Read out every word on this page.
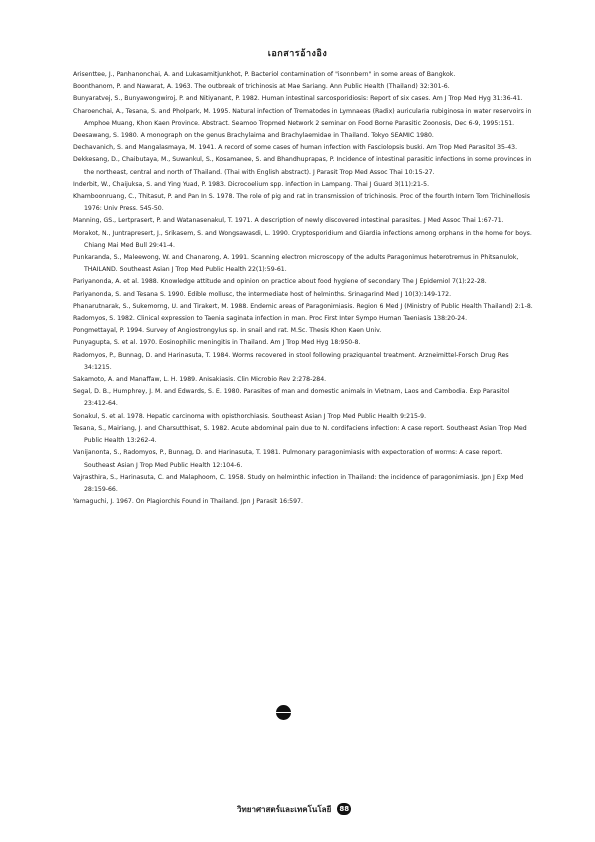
เอกสารอ้างอิง

Arisenttee, J., Panhanonchai, A. and Lukasamitjunkhot, P. Bacteriol contamination of "isonnbern" in some areas of Bangkok.

Boonthanom, P. and Nawarat, A. 1963. The outbreak of trichinosis at Mae Sariang. Ann Public Health (Thailand) 32:301-6.

Bunyaratvej, S., Bunyawongwiroj, P. and Nitiyanant, P. 1982. Human intestinal sarcosporidiosis: Report of six cases. Am J Trop Med Hyg 31:36-41.

Charoenchai, A., Tesana, S. and Pholpark, M. 1995. Natural infection of Trematodes in Lymnaeas (Radix) auricularia rubiginosa in water reservoirs in Amphoe Muang, Khon Kaen Province. Abstract. Seamoo Tropmed Network 2 seminar on Food Borne Parasitic Zoonosis, Dec 6-9, 1995:151.

Deesawang, S. 1980. A monograph on the genus Brachylaima and Brachylaemidae in Thailand. Tokyo SEAMIC 1980.

Dechavanich, S. and Mangalasmaya, M. 1941. A record of some cases of human infection with Fasciolopsis buski. Am Trop Med Parasitol 35-43.

Dekkesang, D., Chaibutaya, M., Suwankul, S., Kosamanee, S. and Bhandhuprapas, P. Incidence of intestinal parasitic infections in some provinces in the northeast, central and north of Thailand. (Thai with English abstract). J Parasit Trop Med Assoc Thai 10:15-27.

Inderbit, W., Chaijuksa, S. and Ying Yuad, P. 1983. Dicrocoelium spp. infection in Lampang. Thai J Guard 3(11):21-5.

Khamboonruang, C., Thitasut, P. and Pan In S. 1978. The role of pig and rat in transmission of trichinosis. Proc of the fourth Intern Tom Trichinellosis 1976: Univ Press. 545-50.

Manning, GS., Lertprasert, P. and Watanasenakul, T. 1971. A description of newly discovered intestinal parasites. J Med Assoc Thai 1:67-71.

Morakot, N., Juntrapresert, J., Srikasem, S. and Wongsawasdi, L. 1990. Cryptosporidium and Giardia infections among orphans in the home for boys. Chiang Mai Med Bull 29:41-4.

Punkaranda, S., Maleewong, W. and Chanarong, A. 1991. Scanning electron microscopy of the adults Paragonimus heterotremus in Phitsanulok, THAILAND. Southeast Asian J Trop Med Public Health 22(1):59-61.

Pariyanonda, A. et al. 1988. Knowledge attitude and opinion on practice about food hygiene of secondary The J Epidemiol 7(1):22-28.

Pariyanonda, S. and Tesana S. 1990. Edible mollusc, the intermediate host of helminths. Srinagarind Med J 10(3):149-172.

Phanarutnarak, S., Sukemorng, U. and Tirakert, M. 1988. Endemic areas of Paragonimiasis. Region 6 Med J (Ministry of Public Health Thailand) 2:1-8.

Radomyos, S. 1982. Clinical expression to Taenia saginata infection in man. Proc First Inter Sympo Human Taeniasis 138:20-24.

Pongmettayal, P. 1994. Survey of Angiostrongylus sp. in snail and rat. M.Sc. Thesis Khon Kaen Univ.

Punyagupta, S. et al. 1970. Eosinophilic meningitis in Thailand. Am J Trop Med Hyg 18:950-8.

Radomyos, P., Bunnag, D. and Harinasuta, T. 1984. Worms recovered in stool following praziquantel treatment. Arzneimittel-Forsch Drug Res 34:1215.

Sakamoto, A. and Manaffaw, L. H. 1989. Anisakiasis. Clin Microbio Rev 2:278-284.

Segal, D. B., Humphrey, J. M. and Edwards, S. E. 1980. Parasites of man and domestic animals in Vietnam, Laos and Cambodia. Exp Parasitol 23:412-64.

Sonakul, S. et al. 1978. Hepatic carcinoma with opisthorchiasis. Southeast Asian J Trop Med Public Health 9:215-9.

Tesana, S., Mairiang, J. and Charsutthisat, S. 1982. Acute abdominal pain due to N. cordifaciens infection: A case report. Southeast Asian Trop Med Public Health 13:262-4.

Vanijanonta, S., Radomyos, P., Bunnag, D. and Harinasuta, T. 1981. Pulmonary paragonimiasis with expectoration of worms: A case report. Southeast Asian J Trop Med Public Health 12:104-6.

Vajrasthira, S., Harinasuta, C. and Malaphoom, C. 1958. Study on helminthic infection in Thailand: the incidence of paragonimiasis. Jpn J Exp Med 28:159-66.

Yamaguchi, J. 1967. On Plagiorchis Found in Thailand. Jpn J Parasit 16:597.

วิทยาศาสตร์และเทคโนโลยี	88
